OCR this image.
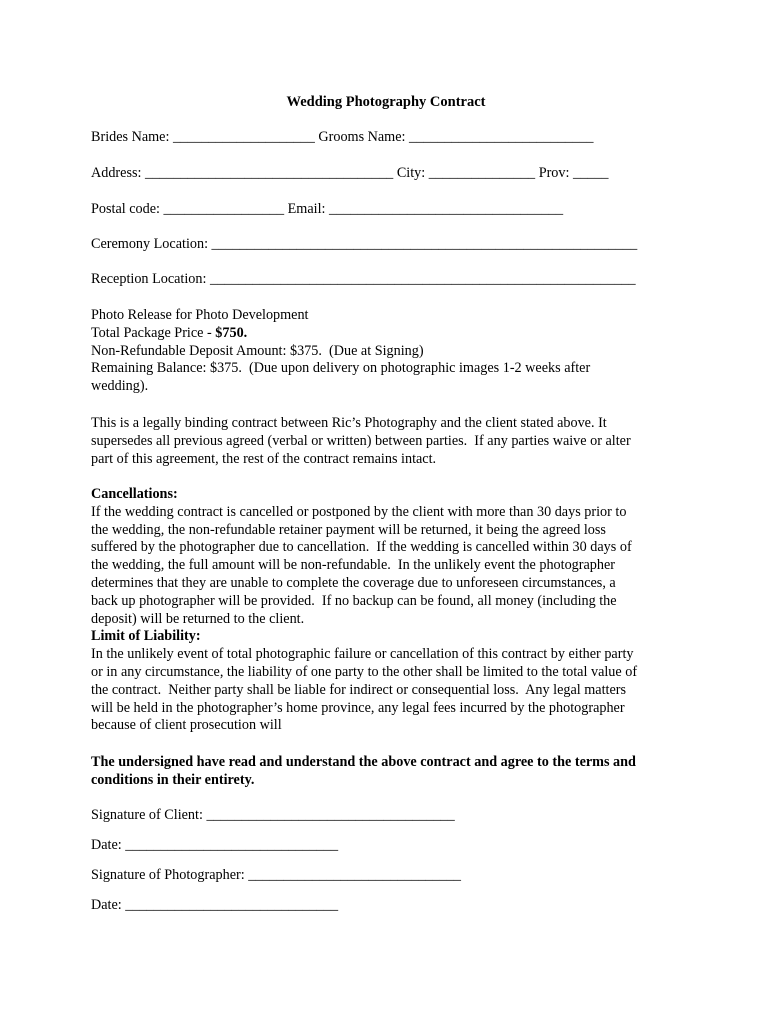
Wedding Photography Contract
Brides Name: ____________________ Grooms Name: __________________________
Address: ___________________________________ City: _______________ Prov: _____
Postal code: _________________ Email: _________________________________
Ceremony Location: ____________________________________________________________
Reception Location: ____________________________________________________________
Photo Release for Photo Development
Total Package Price - $750.
Non-Refundable Deposit Amount: $375.  (Due at Signing)
Remaining Balance: $375.  (Due upon delivery on photographic images 1-2 weeks after
wedding).
This is a legally binding contract between Ric’s Photography and the client stated above. It
supersedes all previous agreed (verbal or written) between parties.  If any parties waive or alter
part of this agreement, the rest of the contract remains intact.
Cancellations:
If the wedding contract is cancelled or postponed by the client with more than 30 days prior to
the wedding, the non-refundable retainer payment will be returned, it being the agreed loss
suffered by the photographer due to cancellation.  If the wedding is cancelled within 30 days of
the wedding, the full amount will be non-refundable.  In the unlikely event the photographer
determines that they are unable to complete the coverage due to unforeseen circumstances, a
back up photographer will be provided.  If no backup can be found, all money (including the
deposit) will be returned to the client.
Limit of Liability:
In the unlikely event of total photographic failure or cancellation of this contract by either party
or in any circumstance, the liability of one party to the other shall be limited to the total value of
the contract.  Neither party shall be liable for indirect or consequential loss.  Any legal matters
will be held in the photographer’s home province, any legal fees incurred by the photographer
because of client prosecution will
The undersigned have read and understand the above contract and agree to the terms and
conditions in their entirety.
Signature of Client: ___________________________________
Date: ______________________________
Signature of Photographer: ______________________________
Date: ______________________________
